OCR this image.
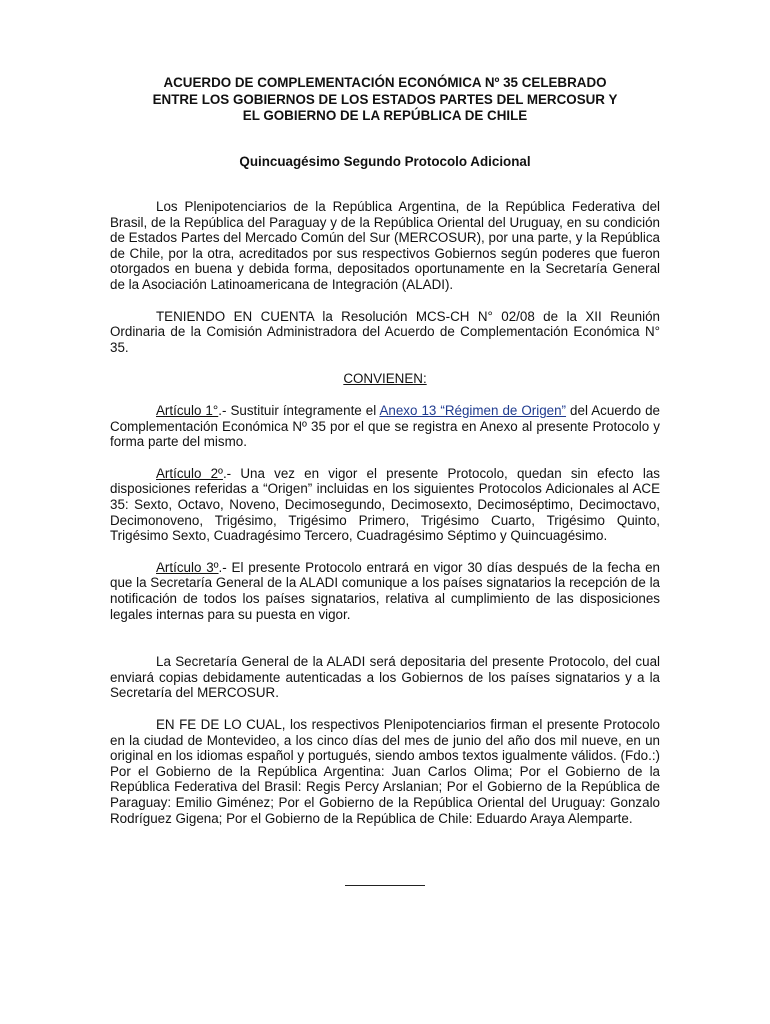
ACUERDO DE COMPLEMENTACIÓN ECONÓMICA Nº 35 CELEBRADO
ENTRE LOS GOBIERNOS DE LOS ESTADOS PARTES DEL MERCOSUR Y
EL GOBIERNO DE LA REPÚBLICA DE CHILE
Quincuagésimo Segundo Protocolo Adicional

Los Plenipotenciarios de la República Argentina, de la República Federativa del Brasil, de la República del Paraguay y de la República Oriental del Uruguay, en su condición de Estados Partes del Mercado Común del Sur (MERCOSUR), por una parte, y la República de Chile, por la otra, acreditados por sus respectivos Gobiernos según poderes que fueron otorgados en buena y debida forma, depositados oportunamente en la Secretaría General de la Asociación Latinoamericana de Integración (ALADI).

TENIENDO EN CUENTA la Resolución MCS-CH N° 02/08 de la XII Reunión Ordinaria de la Comisión Administradora del Acuerdo de Complementación Económica N° 35.

CONVIENEN:

Artículo 1°.- Sustituir íntegramente el Anexo 13 “Régimen de Origen” del Acuerdo de Complementación Económica Nº 35 por el que se registra en Anexo al presente Protocolo y forma parte del mismo.

Artículo 2º.- Una vez en vigor el presente Protocolo, quedan sin efecto las disposiciones referidas a “Origen” incluidas en los siguientes Protocolos Adicionales al ACE 35: Sexto, Octavo, Noveno, Decimosegundo, Decimosexto, Decimoséptimo, Decimoctavo, Decimonoveno, Trigésimo, Trigésimo Primero, Trigésimo Cuarto, Trigésimo Quinto, Trigésimo Sexto, Cuadragésimo Tercero, Cuadragésimo Séptimo y Quincuagésimo.

Artículo 3º.- El presente Protocolo entrará en vigor 30 días después de la fecha en que la Secretaría General de la ALADI comunique a los países signatarios la recepción de la notificación de todos los países signatarios, relativa al cumplimiento de las disposiciones legales internas para su puesta en vigor.

La Secretaría General de la ALADI será depositaria del presente Protocolo, del cual enviará copias debidamente autenticadas a los Gobiernos de los países signatarios y a la Secretaría del MERCOSUR.

EN FE DE LO CUAL, los respectivos Plenipotenciarios firman el presente Protocolo en la ciudad de Montevideo, a los cinco días del mes de junio del año dos mil nueve, en un original en los idiomas español y portugués, siendo ambos textos igualmente válidos. (Fdo.:) Por el Gobierno de la República Argentina: Juan Carlos Olima; Por el Gobierno de la República Federativa del Brasil: Regis Percy Arslanian; Por el Gobierno de la República de Paraguay: Emilio Giménez; Por el Gobierno de la República Oriental del Uruguay: Gonzalo Rodríguez Gigena; Por el Gobierno de la República de Chile: Eduardo Araya Alemparte.
